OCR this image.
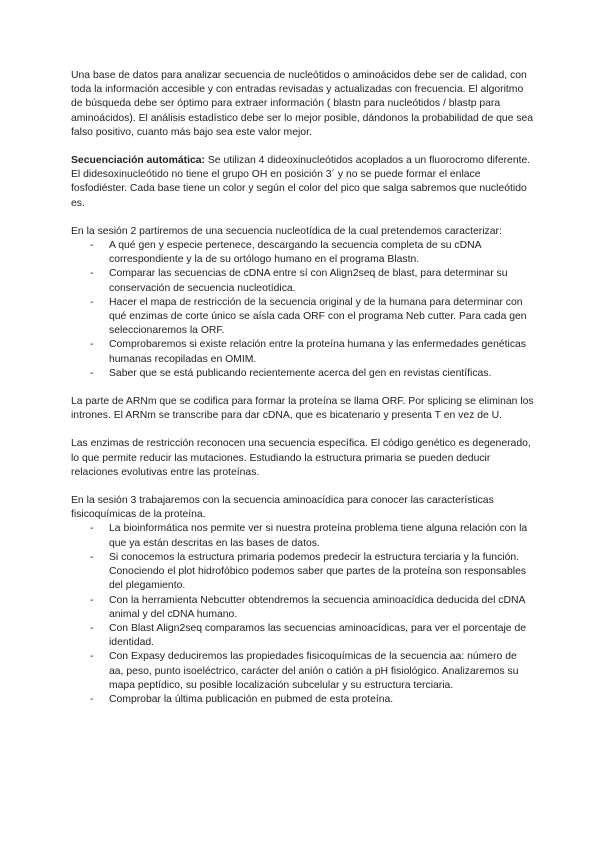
Una base de datos para analizar secuencia de nucleótidos o aminoácidos debe ser de calidad, con toda la información accesible y con entradas revisadas y actualizadas con frecuencia. El algoritmo de búsqueda debe ser óptimo para extraer información ( blastn para nucleótidos / blastp para aminoácidos). El análisis estadístico debe ser lo mejor posible, dándonos la probabilidad de que sea falso positivo, cuanto más bajo sea este valor mejor.

Secuenciación automática: Se utilizan 4 dideoxinucleótidos acoplados a un fluorocromo diferente. El didesoxinucleótido no tiene el grupo OH en posición 3´ y no se puede formar el enlace fosfodiéster. Cada base tiene un color y según el color del pico que salga sabremos que nucleótido es.

En la sesión 2 partiremos de una secuencia nucleotídica de la cual pretendemos caracterizar:

- A qué gen y especie pertenece, descargando la secuencia completa de su cDNA correspondiente y la de su ortólogo humano en el programa Blastn.
- Comparar las secuencias de cDNA entre sí con Align2seq de blast, para determinar su conservación de secuencia nucleotídica.
- Hacer el mapa de restricción de la secuencia original y de la humana para determinar con qué enzimas de corte único se aísla cada ORF con el programa Neb cutter. Para cada gen seleccionaremos la ORF.
- Comprobaremos si existe relación entre la proteína humana y las enfermedades genéticas humanas recopiladas en OMIM.
- Saber que se está publicando recientemente acerca del gen en revistas científicas.

La parte de ARNm que se codifica para formar la proteína se llama ORF. Por splicing se eliminan los intrones. El ARNm se transcribe para dar cDNA, que es bicatenario y presenta T en vez de U.

Las enzimas de restricción reconocen una secuencia específica. El código genético es degenerado, lo que permite reducir las mutaciones. Estudiando la estructura primaria se pueden deducir relaciones evolutivas entre las proteínas.

En la sesión 3 trabajaremos con la secuencia aminoacídica para conocer las características fisicoquímicas de la proteína.

- La bioinformática nos permite ver si nuestra proteína problema tiene alguna relación con la que ya están descritas en las bases de datos.
- Si conocemos la estructura primaria podemos predecir la estructura terciaria y la función. Conociendo el plot hidrofóbico podemos saber que partes de la proteína son responsables del plegamiento.
- Con la herramienta Nebcutter obtendremos la secuencia aminoacídica deducida del cDNA animal y del cDNA humano.
- Con Blast Align2seq comparamos las secuencias aminoacídicas, para ver el porcentaje de identidad.
- Con Expasy deduciremos las propiedades fisicoquímicas de la secuencia aa: número de aa, peso, punto isoeléctrico, carácter del anión o catión a pH fisiológico. Analizaremos su mapa peptídico, su posible localización subcelular y su estructura terciaria.
- Comprobar la última publicación en pubmed de esta proteína.
